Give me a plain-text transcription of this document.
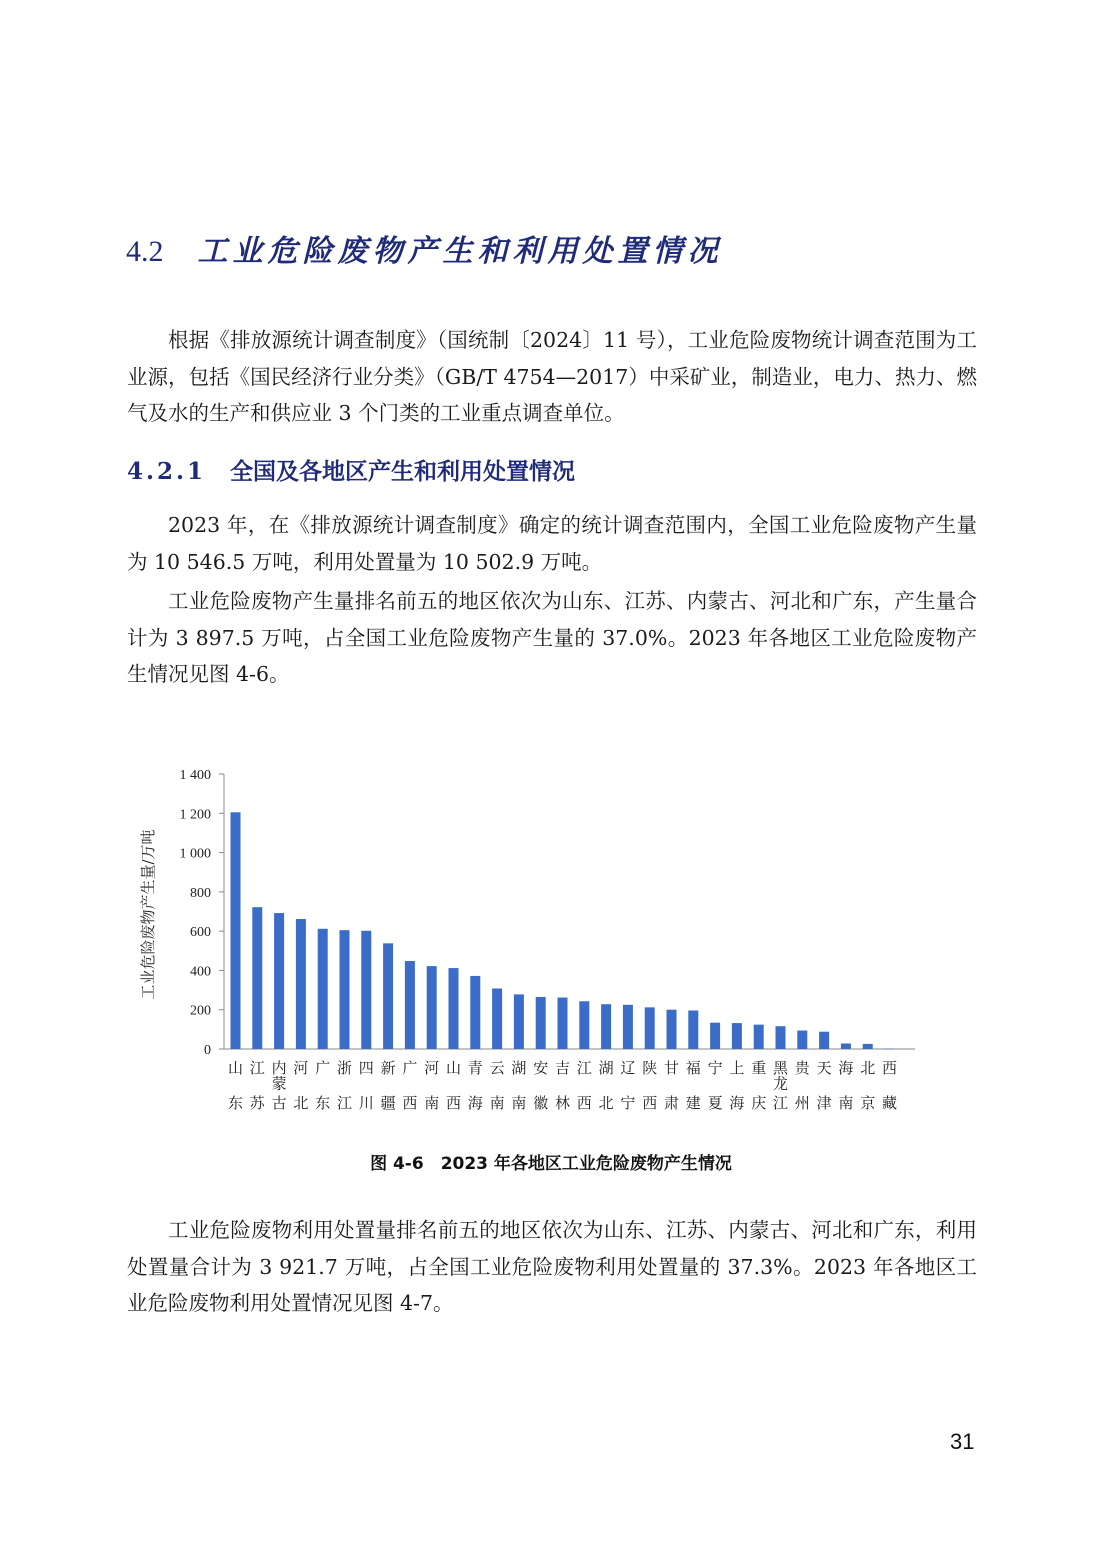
4.2 工业危险废物产生和利用处置情况

根据《排放源统计调查制度》（国统制〔2024〕11 号），工业危险废物统计调查范围为工业源，包括《国民经济行业分类》（GB/T 4754—2017）中采矿业，制造业，电力、热力、燃气及水的生产和供应业 3 个门类的工业重点调查单位。

4.2.1 全国及各地区产生和利用处置情况

2023 年，在《排放源统计调查制度》确定的统计调查范围内，全国工业危险废物产生量为 10 546.5 万吨，利用处置量为 10 502.9 万吨。

工业危险废物产生量排名前五的地区依次为山东、江苏、内蒙古、河北和广东，产生量合计为 3 897.5 万吨，占全国工业危险废物产生量的 37.0%。2023 年各地区工业危险废物产生情况见图 4-6。

0
200
400
600
800
1 000
1 200
1 400
工业危险废物产生量/万吨
山东
江苏
内蒙古
河北
广东
浙江
四川
新疆
广西
河南
山西
青海
云南
湖南
安徽
吉林
江西
湖北
辽宁
陕西
甘肃
福建
宁夏
上海
重庆
黑龙江
贵州
天津
海南
北京
西藏
图 4-6　2023 年各地区工业危险废物产生情况

工业危险废物利用处置量排名前五的地区依次为山东、江苏、内蒙古、河北和广东，利用处置量合计为 3 921.7 万吨，占全国工业危险废物利用处置量的 37.3%。2023 年各地区工业危险废物利用处置情况见图 4-7。

31
